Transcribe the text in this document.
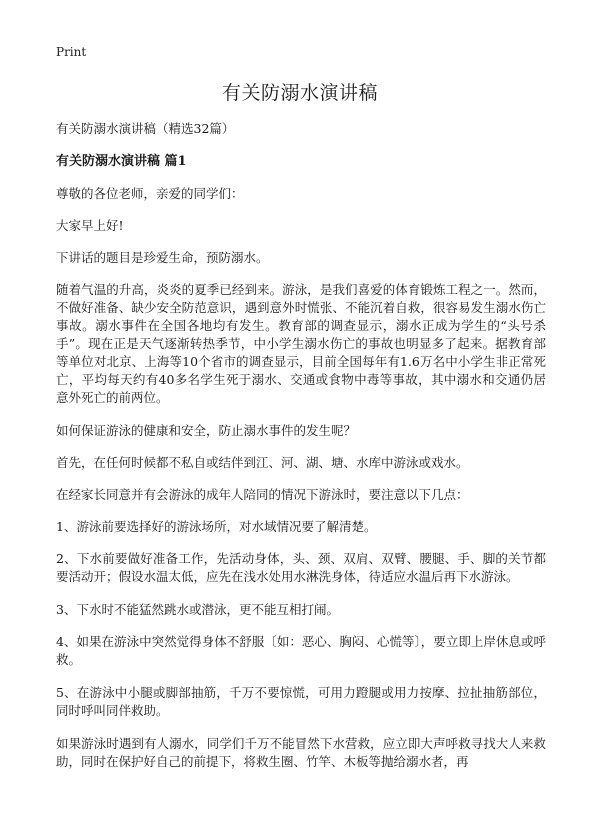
Print
有关防溺水演讲稿

有关防溺水演讲稿（精选32篇）

有关防溺水演讲稿 篇1

尊敬的各位老师，亲爱的同学们：

大家早上好!

下讲话的题目是珍爱生命，预防溺水。

随着气温的升高，炎炎的夏季已经到来。游泳，是我们喜爱的体育锻炼工程之一。然而，不做好准备、缺少安全防范意识，遇到意外时慌张、不能沉着自救，很容易发生溺水伤亡事故。溺水事件在全国各地均有发生。教育部的调查显示，溺水正成为学生的“头号杀手”。现在正是天气逐渐转热季节，中小学生溺水伤亡的事故也明显多了起来。据教育部等单位对北京、上海等10个省市的调查显示，目前全国每年有1.6万名中小学生非正常死亡，平均每天约有40多名学生死于溺水、交通或食物中毒等事故，其中溺水和交通仍居意外死亡的前两位。

如何保证游泳的健康和安全，防止溺水事件的发生呢？

首先，在任何时候都不私自或结伴到江、河、湖、塘、水库中游泳或戏水。

在经家长同意并有会游泳的成年人陪同的情况下游泳时，要注意以下几点：

1、游泳前要选择好的游泳场所，对水域情况要了解清楚。

2、下水前要做好准备工作，先活动身体，头、颈、双肩、双臂、腰腿、手、脚的关节都要活动开；假设水温太低，应先在浅水处用水淋洗身体，待适应水温后再下水游泳。

3、下水时不能猛然跳水或潜泳，更不能互相打闹。

4、如果在游泳中突然觉得身体不舒服〔如：恶心、胸闷、心慌等〕，要立即上岸休息或呼救。

5、在游泳中小腿或脚部抽筋，千万不要惊慌，可用力蹬腿或用力按摩、拉扯抽筋部位，同时呼叫同伴救助。

如果游泳时遇到有人溺水，同学们千万不能冒然下水营救，应立即大声呼救寻找大人来救助，同时在保护好自己的前提下，将救生圈、竹竿、木板等抛给溺水者，再
